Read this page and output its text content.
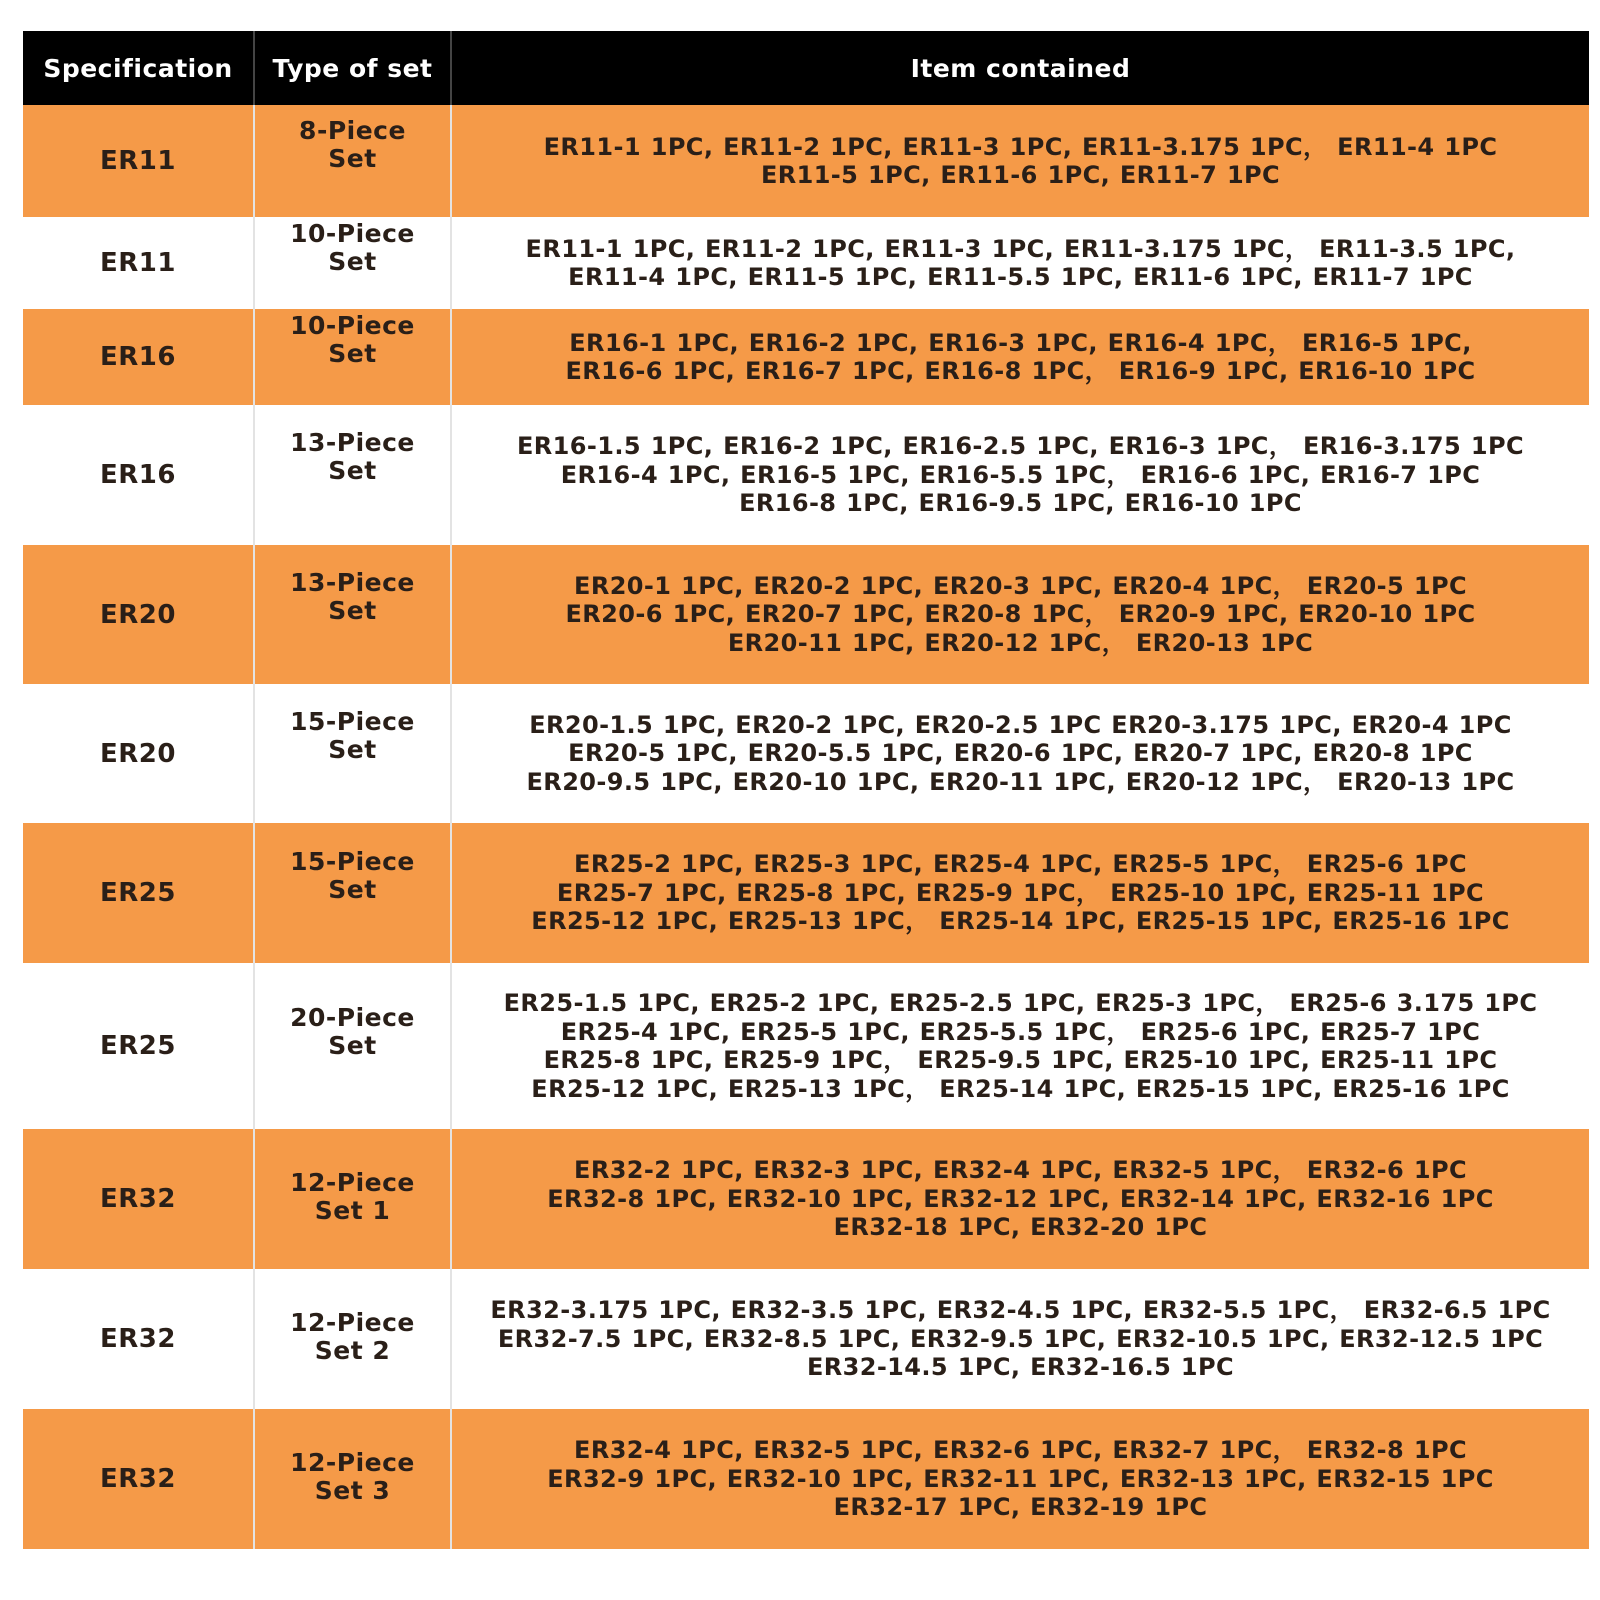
Specification	Type of set	Item contained
ER11	8-Piece Set	ER11-1 1PC, ER11-2 1PC, ER11-3 1PC, ER11-3.175 1PC， ER11-4 1PC
ER11-5 1PC, ER11-6 1PC, ER11-7 1PC
ER11	10-Piece Set	ER11-1 1PC, ER11-2 1PC, ER11-3 1PC, ER11-3.175 1PC， ER11-3.5 1PC,
ER11-4 1PC, ER11-5 1PC, ER11-5.5 1PC, ER11-6 1PC, ER11-7 1PC
ER16	10-Piece Set	ER16-1 1PC, ER16-2 1PC, ER16-3 1PC, ER16-4 1PC， ER16-5 1PC,
ER16-6 1PC, ER16-7 1PC, ER16-8 1PC， ER16-9 1PC, ER16-10 1PC
ER16	13-Piece Set	ER16-1.5 1PC, ER16-2 1PC, ER16-2.5 1PC, ER16-3 1PC， ER16-3.175 1PC
ER16-4 1PC, ER16-5 1PC, ER16-5.5 1PC， ER16-6 1PC, ER16-7 1PC
ER16-8 1PC, ER16-9.5 1PC, ER16-10 1PC
ER20	13-Piece Set	ER20-1 1PC, ER20-2 1PC, ER20-3 1PC, ER20-4 1PC， ER20-5 1PC
ER20-6 1PC, ER20-7 1PC, ER20-8 1PC， ER20-9 1PC, ER20-10 1PC
ER20-11 1PC, ER20-12 1PC， ER20-13 1PC
ER20	15-Piece Set	ER20-1.5 1PC, ER20-2 1PC, ER20-2.5 1PC ER20-3.175 1PC, ER20-4 1PC
ER20-5 1PC, ER20-5.5 1PC, ER20-6 1PC, ER20-7 1PC, ER20-8 1PC
ER20-9.5 1PC, ER20-10 1PC, ER20-11 1PC, ER20-12 1PC， ER20-13 1PC
ER25	15-Piece Set	ER25-2 1PC, ER25-3 1PC, ER25-4 1PC, ER25-5 1PC， ER25-6 1PC
ER25-7 1PC, ER25-8 1PC, ER25-9 1PC， ER25-10 1PC, ER25-11 1PC
ER25-12 1PC, ER25-13 1PC， ER25-14 1PC, ER25-15 1PC, ER25-16 1PC
ER25	20-Piece Set	ER25-1.5 1PC, ER25-2 1PC, ER25-2.5 1PC, ER25-3 1PC， ER25-6 3.175 1PC
ER25-4 1PC, ER25-5 1PC, ER25-5.5 1PC， ER25-6 1PC, ER25-7 1PC
ER25-8 1PC, ER25-9 1PC， ER25-9.5 1PC, ER25-10 1PC, ER25-11 1PC
ER25-12 1PC, ER25-13 1PC， ER25-14 1PC, ER25-15 1PC, ER25-16 1PC
ER32	12-Piece Set 1	ER32-2 1PC, ER32-3 1PC, ER32-4 1PC, ER32-5 1PC， ER32-6 1PC
ER32-8 1PC, ER32-10 1PC, ER32-12 1PC, ER32-14 1PC, ER32-16 1PC
ER32-18 1PC, ER32-20 1PC
ER32	12-Piece Set 2	ER32-3.175 1PC, ER32-3.5 1PC, ER32-4.5 1PC, ER32-5.5 1PC， ER32-6.5 1PC
ER32-7.5 1PC, ER32-8.5 1PC, ER32-9.5 1PC, ER32-10.5 1PC, ER32-12.5 1PC
ER32-14.5 1PC, ER32-16.5 1PC
ER32	12-Piece Set 3	ER32-4 1PC, ER32-5 1PC, ER32-6 1PC, ER32-7 1PC， ER32-8 1PC
ER32-9 1PC, ER32-10 1PC, ER32-11 1PC, ER32-13 1PC, ER32-15 1PC
ER32-17 1PC, ER32-19 1PC
